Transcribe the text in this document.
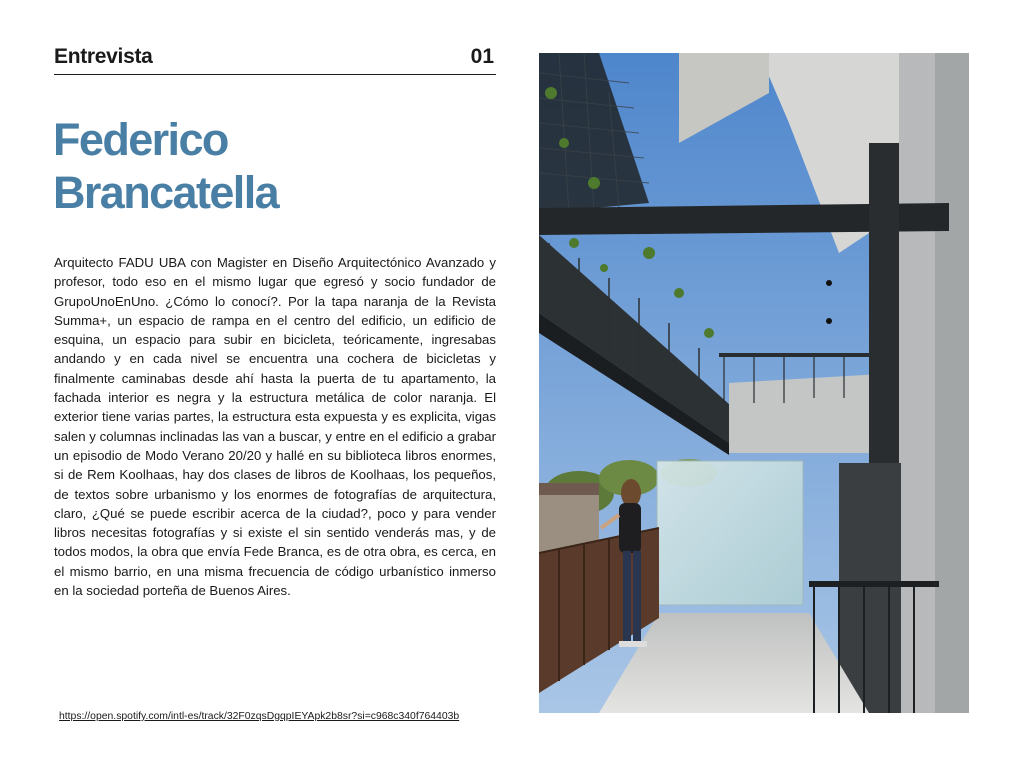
Entrevista	01
Federico
Brancatella

Arquitecto FADU UBA con Magister en Diseño Arquitectónico Avanzado y profesor, todo eso en el mismo lugar que egresó y socio fundador de GrupoUnoEnUno. ¿Cómo lo conocí?. Por la tapa naranja de la Revista Summa+, un espacio de rampa en el centro del edificio, un edificio de esquina, un espacio para subir en bicicleta, teóricamente, ingresabas andando y en cada nivel se encuentra una cochera de bicicletas y finalmente caminabas desde ahí hasta la puerta de tu apartamento, la fachada interior es negra y la estructura metálica de color naranja. El exterior tiene varias partes, la estructura esta expuesta y es explicita, vigas salen y columnas inclinadas las van a buscar, y entre en el edificio a grabar un episodio de Modo Verano 20/20 y hallé en su biblioteca libros enormes, si de Rem Koolhaas, hay dos clases de libros de Koolhaas, los pequeños, de textos sobre urbanismo y los enormes de fotografías de arquitectura, claro, ¿Qué se puede escribir acerca de la ciudad?, poco y para vender libros necesitas fotografías y si existe el sin sentido venderás mas, y de todos modos, la obra que envía Fede Branca, es de otra obra, es cerca, en el mismo barrio, en una misma frecuencia de código urbanístico inmerso en la sociedad porteña de Buenos Aires.

https://open.spotify.com/intl-es/track/32F0zqsDgqpIEYApk2b8sr?si=c968c340f764403b
